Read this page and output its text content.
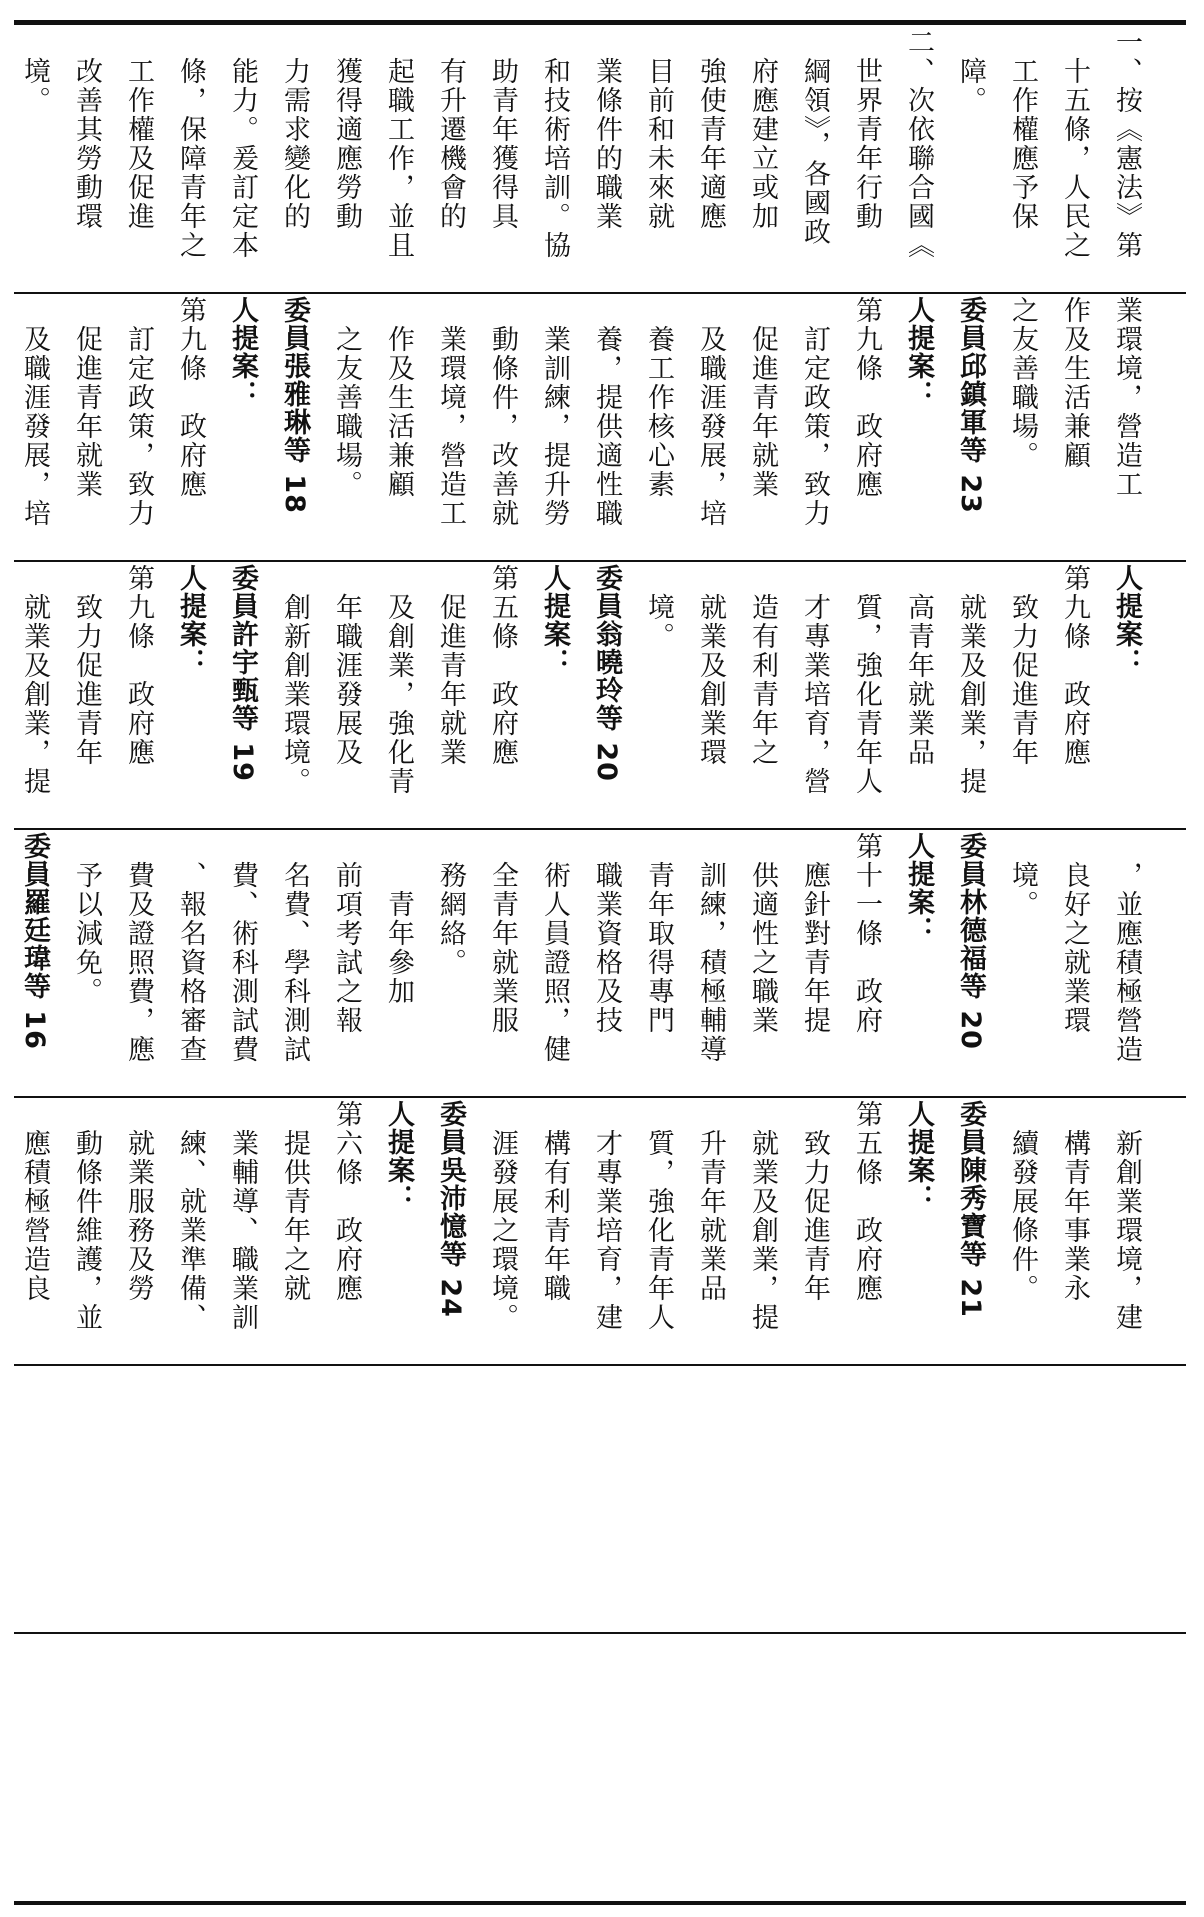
一、按《憲法》第
　十五條，人民之
　工作權應予保
　障。
二、次依聯合國《
　世界青年行動
　綱領》，各國政
　府應建立或加
　強使青年適應
　目前和未來就
　業條件的職業
　和技術培訓。協
　助青年獲得具
　有升遷機會的
　起職工作，並且
　獲得適應勞動
　力需求變化的
　能力。爰訂定本
　條，保障青年之
　工作權及促進
　改善其勞動環
　境。
業環境，營造工
作及生活兼顧
之友善職場。
委員邱鎮軍等 23
人提案：
第九條　政府應
　訂定政策，致力
　促進青年就業
　及職涯發展，培
　養工作核心素
　養，提供適性職
　業訓練，提升勞
　動條件，改善就
　業環境，營造工
　作及生活兼顧
　之友善職場。
委員張雅琳等 18
人提案：
第九條　政府應
　訂定政策，致力
　促進青年就業
　及職涯發展，培
人提案：
第九條　政府應
　致力促進青年
　就業及創業，提
　高青年就業品
　質，強化青年人
　才專業培育，營
　造有利青年之
　就業及創業環
　境。
委員翁曉玲等 20
人提案：
第五條　政府應
　促進青年就業
　及創業，強化青
　年職涯發展及
　創新創業環境。
委員許宇甄等 19
人提案：
第九條　政府應
　致力促進青年
　就業及創業，提
　，並應積極營造
　良好之就業環
　境。
委員林德福等 20
人提案：
第十一條　政府
　應針對青年提
　供適性之職業
　訓練，積極輔導
　青年取得專門
　職業資格及技
　術人員證照，健
　全青年就業服
　務網絡。
　　青年參加
　前項考試之報
　名費、學科測試
　費、術科測試費
　、報名資格審查
　費及證照費，應
　予以減免。
委員羅廷瑋等 16
　新創業環境，建
　構青年事業永
　續發展條件。
委員陳秀寶等 21
人提案：
第五條　政府應
　致力促進青年
　就業及創業，提
　升青年就業品
　質，強化青年人
　才專業培育，建
　構有利青年職
　涯發展之環境。
委員吳沛憶等 24
人提案：
第六條　政府應
　提供青年之就
　業輔導、職業訓
　練、就業準備、
　就業服務及勞
　動條件維護，並
　應積極營造良
